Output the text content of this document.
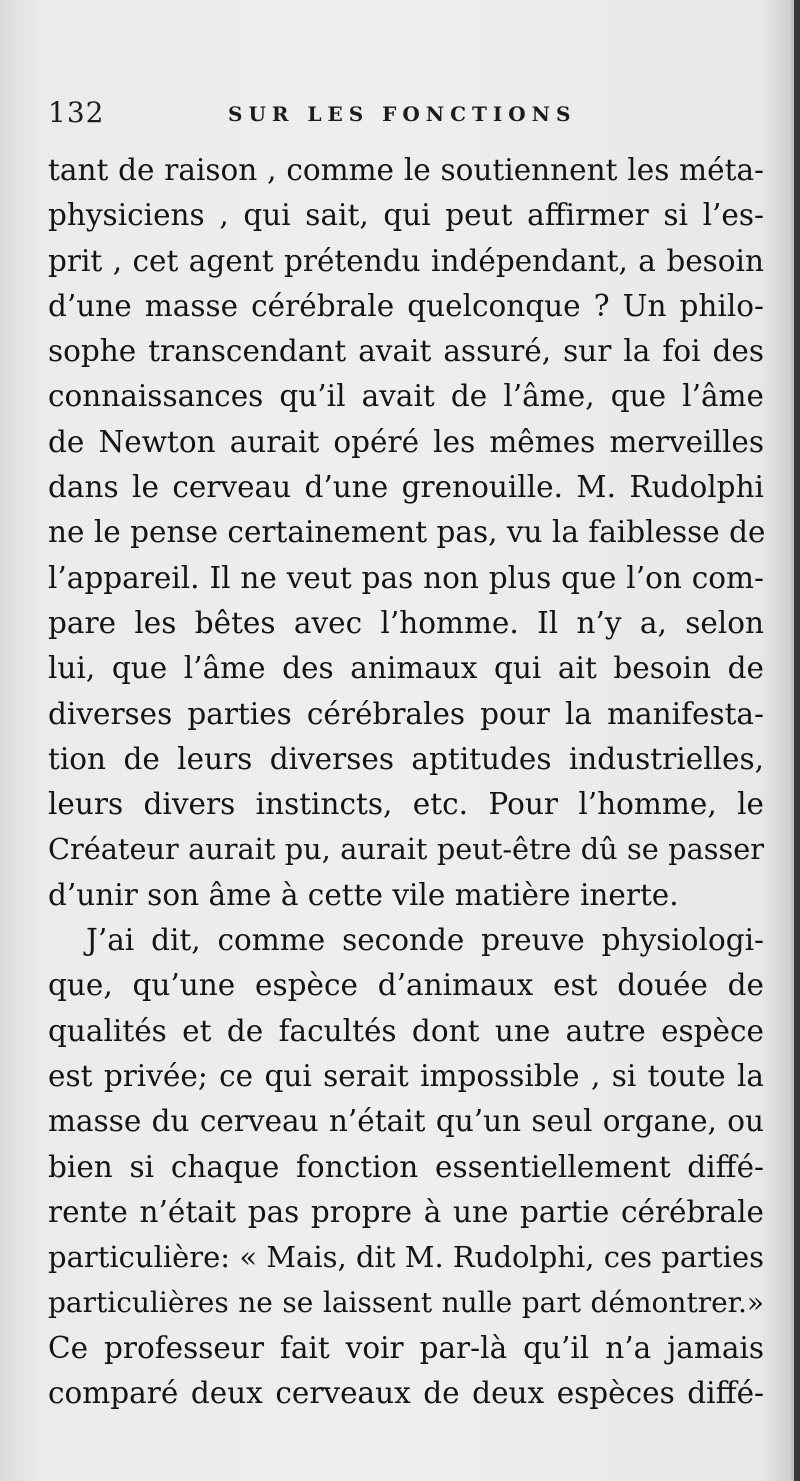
132	SUR LES FONCTIONS
tant de raison , comme le soutiennent les méta-
physiciens , qui sait, qui peut affirmer si l’es-
prit , cet agent prétendu indépendant, a besoin
d’une masse cérébrale quelconque ? Un philo-
sophe transcendant avait assuré, sur la foi des
connaissances qu’il avait de l’âme, que l’âme
de Newton aurait opéré les mêmes merveilles
dans le cerveau d’une grenouille. M. Rudolphi
ne le pense certainement pas, vu la faiblesse de
l’appareil. Il ne veut pas non plus que l’on com-
pare les bêtes avec l’homme. Il n’y a, selon
lui, que l’âme des animaux qui ait besoin de
diverses parties cérébrales pour la manifesta-
tion de leurs diverses aptitudes industrielles,
leurs divers instincts, etc. Pour l’homme, le
Créateur aurait pu, aurait peut-être dû se passer
d’unir son âme à cette vile matière inerte.
J’ai dit, comme seconde preuve physiologi-
que, qu’une espèce d’animaux est douée de
qualités et de facultés dont une autre espèce
est privée; ce qui serait impossible , si toute la
masse du cerveau n’était qu’un seul organe, ou
bien si chaque fonction essentiellement diffé-
rente n’était pas propre à une partie cérébrale
particulière: « Mais, dit M. Rudolphi, ces parties
particulières ne se laissent nulle part démontrer.»
Ce professeur fait voir par-là qu’il n’a jamais
comparé deux cerveaux de deux espèces diffé-
